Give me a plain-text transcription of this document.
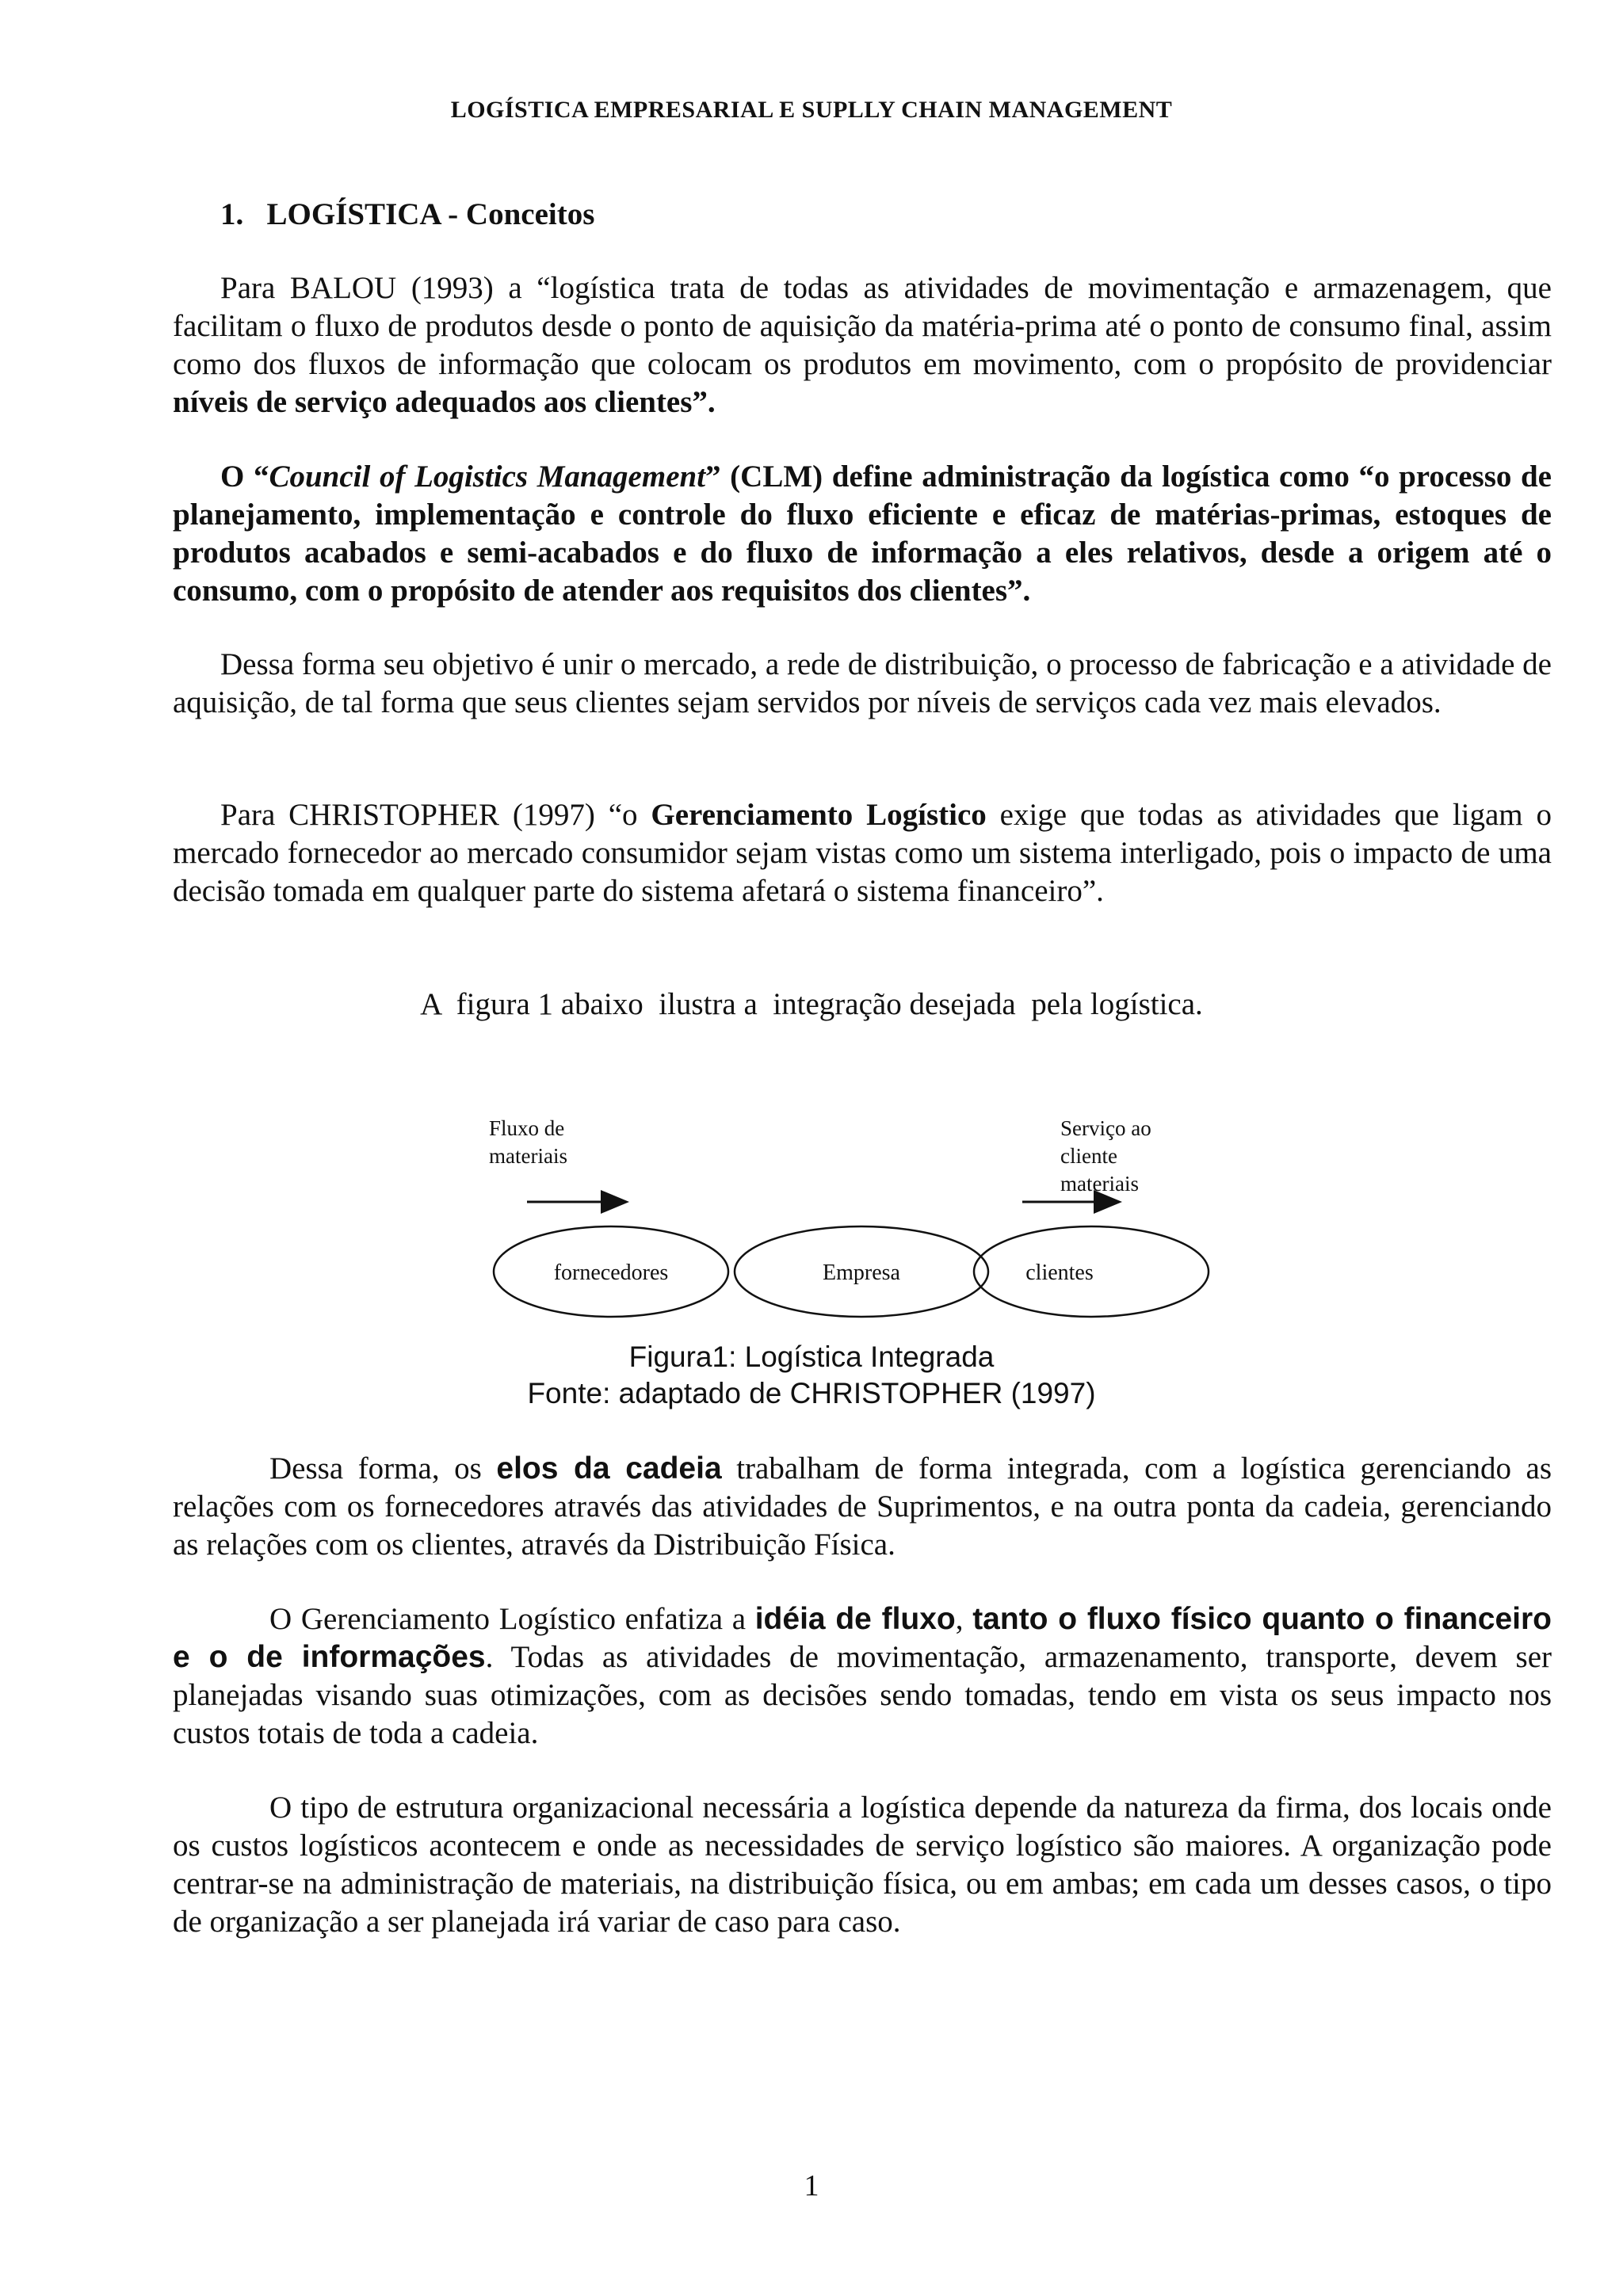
LOGÍSTICA EMPRESARIAL E SUPLLY CHAIN MANAGEMENT
1.   LOGÍSTICA - Conceitos

Para BALOU (1993) a “logística trata de todas as atividades de movimentação e armazenagem, que facilitam o fluxo de produtos desde o ponto de aquisição da matéria-prima até o ponto de consumo final, assim como dos fluxos de informação que colocam os produtos em movimento, com o propósito de providenciar níveis de serviço adequados aos clientes”.

O “Council of Logistics Management” (CLM) define administração da logística como “o processo de planejamento, implementação e controle do fluxo eficiente e eficaz de matérias-primas, estoques de produtos acabados e semi-acabados e do fluxo de informação a eles relativos, desde a origem até o consumo, com o propósito de atender aos requisitos dos clientes”.

Dessa forma seu objetivo é unir o mercado, a rede de distribuição, o processo de fabricação e a atividade de aquisição, de tal forma que seus clientes sejam servidos por níveis de serviços cada vez mais elevados.

Para CHRISTOPHER (1997) “o Gerenciamento Logístico exige que todas as atividades que ligam o mercado fornecedor ao mercado consumidor sejam vistas como um sistema interligado, pois o impacto de uma decisão tomada em qualquer parte do sistema afetará o sistema financeiro”.

A  figura 1 abaixo  ilustra a  integração desejada  pela logística.
Fluxo de
materiais
Serviço ao
cliente
materiais
fornecedores	Empresa	clientes
Figura1: Logística Integrada
Fonte: adaptado de CHRISTOPHER (1997)

Dessa forma, os elos da cadeia trabalham de forma integrada, com a logística gerenciando as relações com os fornecedores através das atividades de Suprimentos, e na outra ponta da cadeia, gerenciando as relações com os clientes, através da Distribuição Física.

O Gerenciamento Logístico enfatiza a idéia de fluxo, tanto o fluxo físico quanto o financeiro e o de informações. Todas as atividades de movimentação, armazenamento, transporte, devem ser planejadas visando suas otimizações, com as decisões sendo tomadas, tendo em vista os seus impacto nos custos totais de toda a cadeia.

O tipo de estrutura organizacional necessária a logística depende da natureza da firma, dos locais onde os custos logísticos acontecem e onde as necessidades de serviço logístico são maiores. A organização pode centrar-se na administração de materiais, na distribuição física, ou em ambas; em cada um desses casos, o tipo de organização a ser planejada irá variar de caso para caso.

1
